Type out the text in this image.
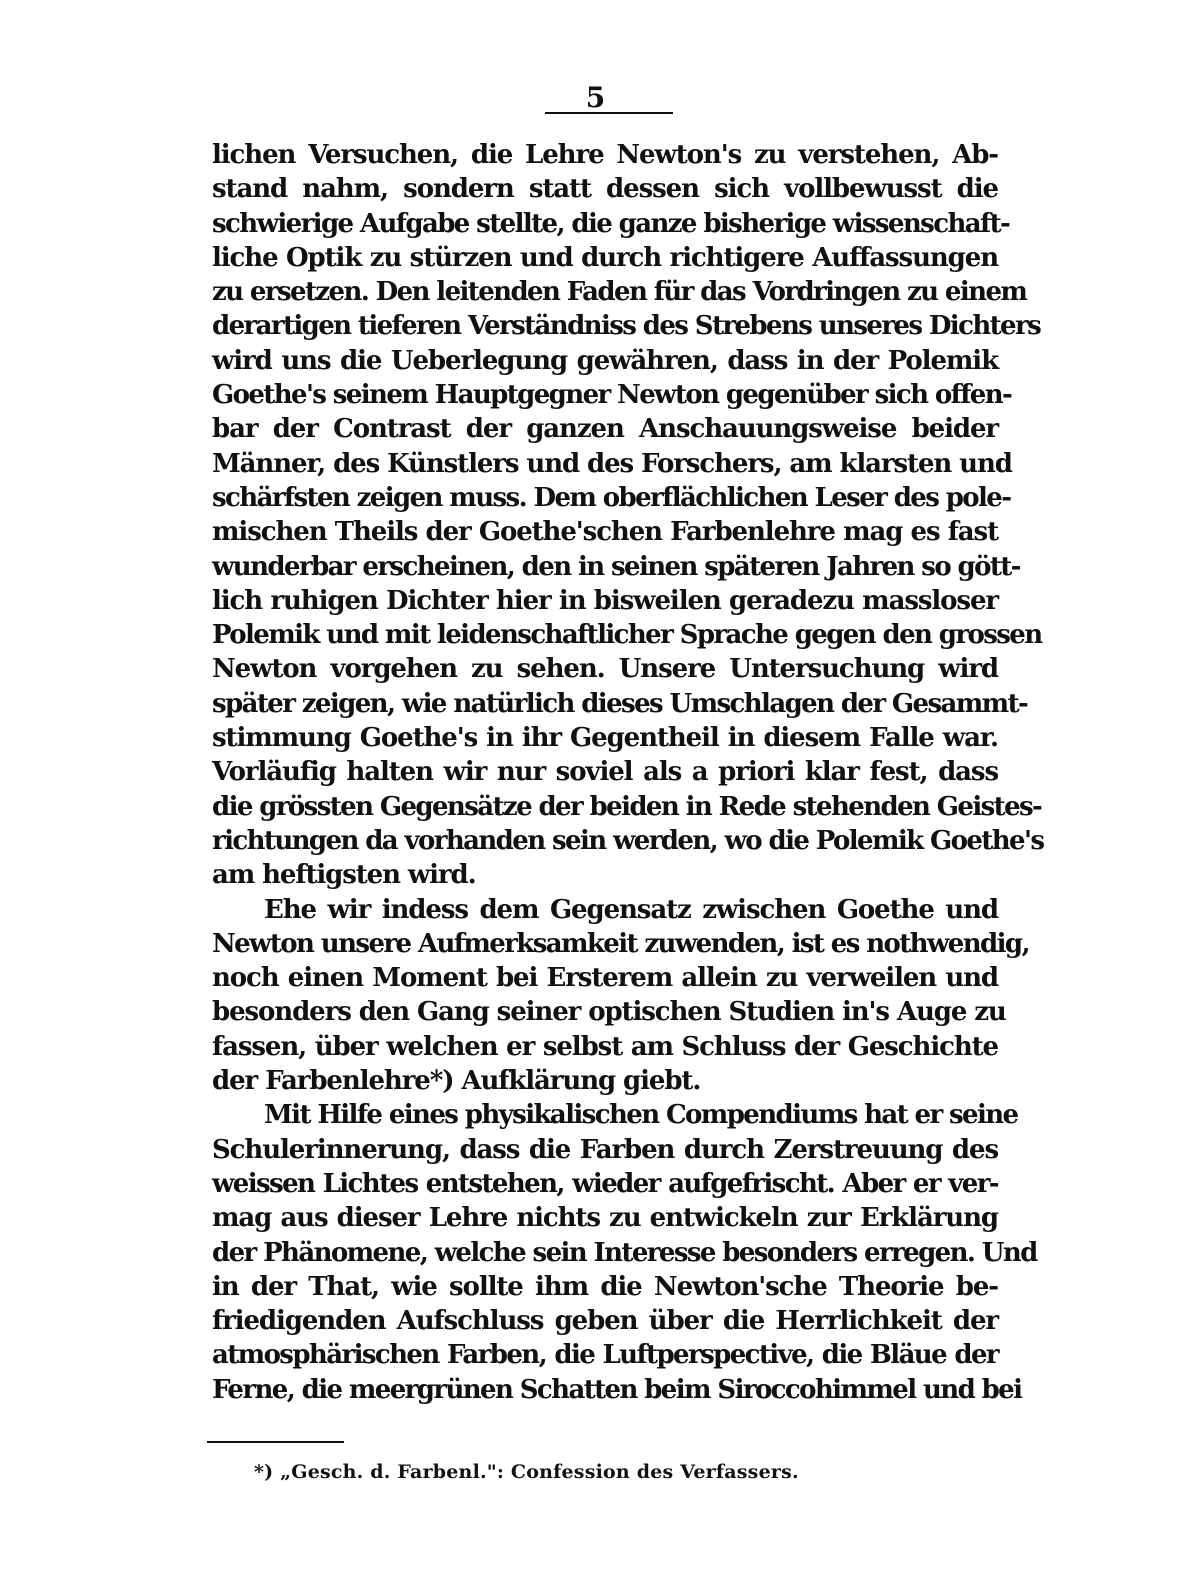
5
lichen Versuchen, die Lehre Newton's zu verstehen, Ab-
stand nahm, sondern statt dessen sich vollbewusst die
schwierige Aufgabe stellte, die ganze bisherige wissenschaft-
liche Optik zu stürzen und durch richtigere Auffassungen
zu ersetzen. Den leitenden Faden für das Vordringen zu einem
derartigen tieferen Verständniss des Strebens unseres Dichters
wird uns die Ueberlegung gewähren, dass in der Polemik
Goethe's seinem Hauptgegner Newton gegenüber sich offen-
bar der Contrast der ganzen Anschauungsweise beider
Männer, des Künstlers und des Forschers, am klarsten und
schärfsten zeigen muss. Dem oberflächlichen Leser des pole-
mischen Theils der Goethe'schen Farbenlehre mag es fast
wunderbar erscheinen, den in seinen späteren Jahren so gött-
lich ruhigen Dichter hier in bisweilen geradezu massloser
Polemik und mit leidenschaftlicher Sprache gegen den grossen
Newton vorgehen zu sehen. Unsere Untersuchung wird
später zeigen, wie natürlich dieses Umschlagen der Gesammt-
stimmung Goethe's in ihr Gegentheil in diesem Falle war.
Vorläufig halten wir nur soviel als a priori klar fest, dass
die grössten Gegensätze der beiden in Rede stehenden Geistes-
richtungen da vorhanden sein werden, wo die Polemik Goethe's
am heftigsten wird.
Ehe wir indess dem Gegensatz zwischen Goethe und
Newton unsere Aufmerksamkeit zuwenden, ist es nothwendig,
noch einen Moment bei Ersterem allein zu verweilen und
besonders den Gang seiner optischen Studien in's Auge zu
fassen, über welchen er selbst am Schluss der Geschichte
der Farbenlehre*) Aufklärung giebt.
Mit Hilfe eines physikalischen Compendiums hat er seine
Schulerinnerung, dass die Farben durch Zerstreuung des
weissen Lichtes entstehen, wieder aufgefrischt. Aber er ver-
mag aus dieser Lehre nichts zu entwickeln zur Erklärung
der Phänomene, welche sein Interesse besonders erregen. Und
in der That, wie sollte ihm die Newton'sche Theorie be-
friedigenden Aufschluss geben über die Herrlichkeit der
atmosphärischen Farben, die Luftperspective, die Bläue der
Ferne, die meergrünen Schatten beim Siroccohimmel und bei
*) „Gesch. d. Farbenl.": Confession des Verfassers.
